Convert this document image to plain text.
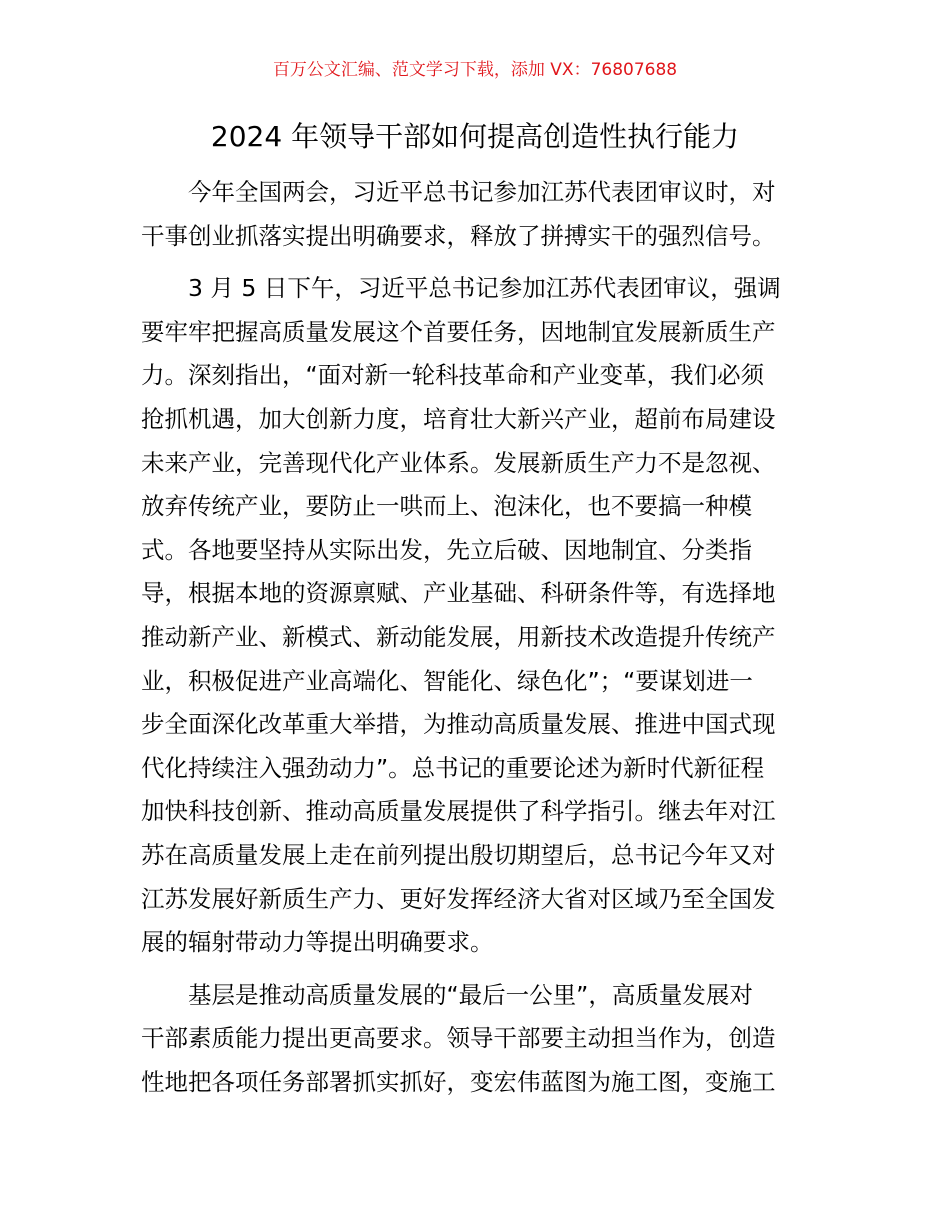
百万公文汇编、范文学习下载，添加 VX：76807688
2024 年领导干部如何提高创造性执行能力

今年全国两会，习近平总书记参加江苏代表团审议时，对
干事创业抓落实提出明确要求，释放了拼搏实干的强烈信号。

3 月 5 日下午，习近平总书记参加江苏代表团审议，强调
要牢牢把握高质量发展这个首要任务，因地制宜发展新质生产
力。深刻指出，“面对新一轮科技革命和产业变革，我们必须
抢抓机遇，加大创新力度，培育壮大新兴产业，超前布局建设
未来产业，完善现代化产业体系。发展新质生产力不是忽视、
放弃传统产业，要防止一哄而上、泡沫化，也不要搞一种模
式。各地要坚持从实际出发，先立后破、因地制宜、分类指
导，根据本地的资源禀赋、产业基础、科研条件等，有选择地
推动新产业、新模式、新动能发展，用新技术改造提升传统产
业，积极促进产业高端化、智能化、绿色化”；“要谋划进一
步全面深化改革重大举措，为推动高质量发展、推进中国式现
代化持续注入强劲动力”。总书记的重要论述为新时代新征程
加快科技创新、推动高质量发展提供了科学指引。继去年对江
苏在高质量发展上走在前列提出殷切期望后，总书记今年又对
江苏发展好新质生产力、更好发挥经济大省对区域乃至全国发
展的辐射带动力等提出明确要求。

基层是推动高质量发展的“最后一公里”，高质量发展对
干部素质能力提出更高要求。领导干部要主动担当作为，创造
性地把各项任务部署抓实抓好，变宏伟蓝图为施工图，变施工
